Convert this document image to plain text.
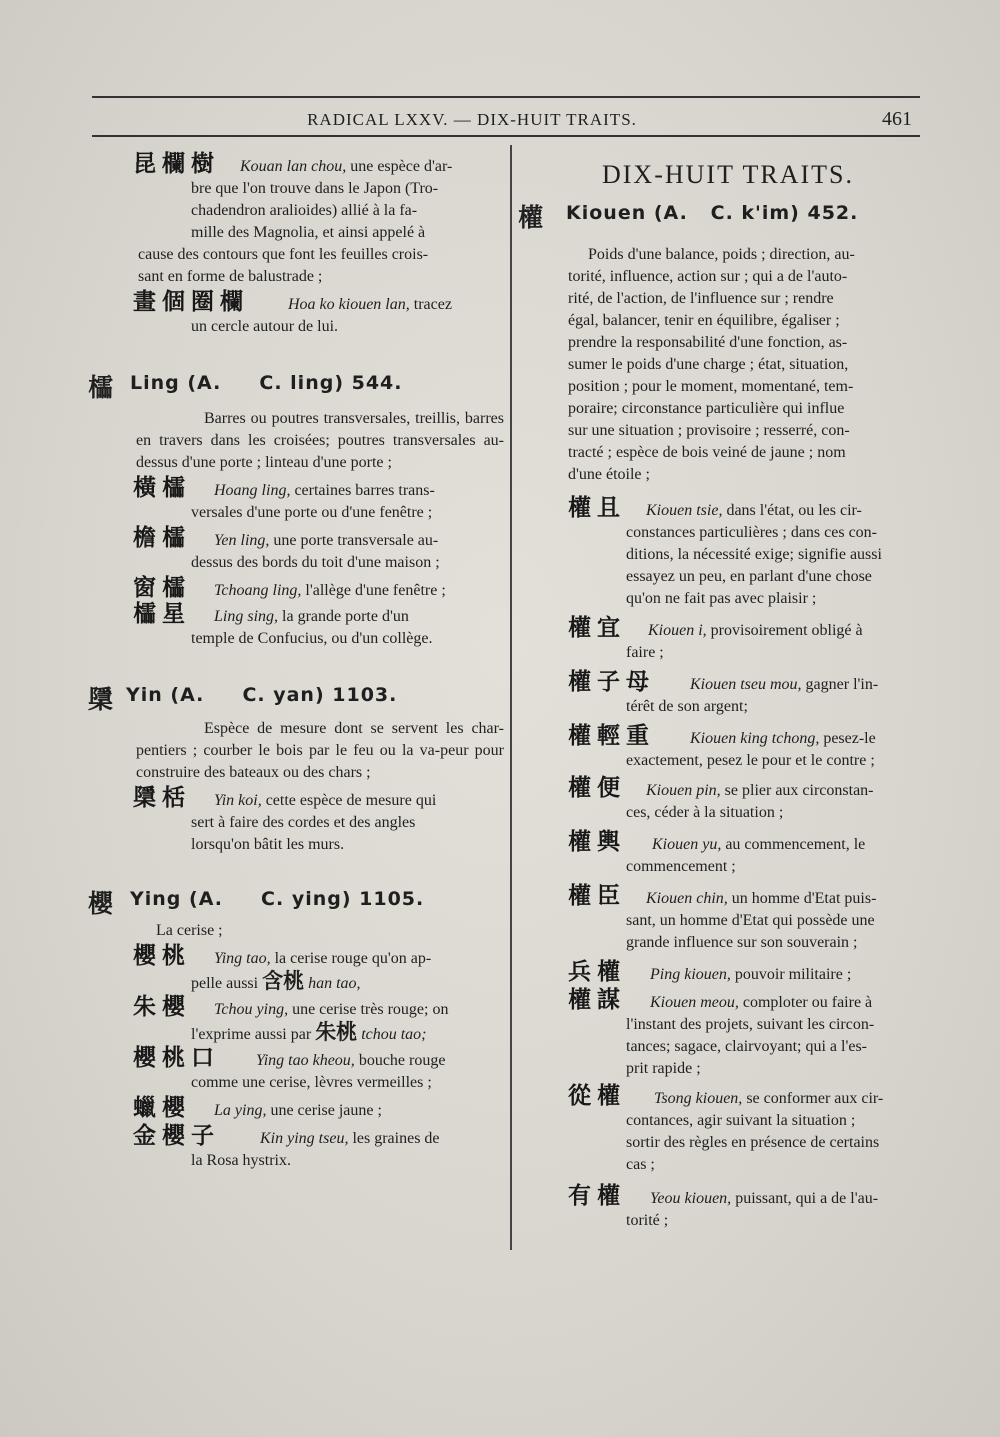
RADICAL LXXV. — DIX-HUIT TRAITS.	461
昆欄樹	Kouan lan chou, une espèce d'ar-
bre que l'on trouve dans le Japon (Tro-
chadendron aralioides) allié à la fa-
mille des Magnolia, et ainsi appelé à
cause des contours que font les feuilles crois-
sant en forme de balustrade ;
畫個圈欄	Hoa ko kiouen lan, tracez
un cercle autour de lui.
櫺 Ling (A.     C. ling) 544.

Barres ou poutres transversales, treillis, barres en travers dans les croisées; poutres transversales au-dessus d'une porte ; linteau d'une porte ;

橫櫺	Hoang ling, certaines barres trans-
versales d'une porte ou d'une fenêtre ;
檐櫺	Yen ling, une porte transversale au-
dessus des bords du toit d'une maison ;
窗櫺	Tchoang ling, l'allège d'une fenêtre ;
櫺星	Ling sing, la grande porte d'un
temple de Confucius, ou d'un collège.
檃 Yin (A.     C. yan) 1103.

Espèce de mesure dont se servent les char-pentiers ; courber le bois par le feu ou la va-peur pour construire des bateaux ou des chars ;

檃栝	Yin koi, cette espèce de mesure qui
sert à faire des cordes et des angles
lorsqu'on bâtit les murs.
櫻 Ying (A.     C. ying) 1105.

La cerise ;

櫻桃	Ying tao, la cerise rouge qu'on ap-
pelle aussi 含桃 han tao,
朱櫻	Tchou ying, une cerise très rouge; on
l'exprime aussi par 朱桃 tchou tao;
櫻桃口	Ying tao kheou, bouche rouge
comme une cerise, lèvres vermeilles ;
蠟櫻	La ying, une cerise jaune ;
金櫻子	Kin ying tseu, les graines de
la Rosa hystrix.
DIX-HUIT TRAITS.
權 Kiouen (A.   C. k'im) 452.
Poids d'une balance, poids ; direction, au-
torité, influence, action sur ; qui a de l'auto-
rité, de l'action, de l'influence sur ; rendre
égal, balancer, tenir en équilibre, égaliser ;
prendre la responsabilité d'une fonction, as-
sumer le poids d'une charge ; état, situation,
position ; pour le moment, momentané, tem-
poraire; circonstance particulière qui influe
sur une situation ; provisoire ; resserré, con-
tracté ; espèce de bois veiné de jaune ; nom
d'une étoile ;
權且	Kiouen tsie, dans l'état, ou les cir-
constances particulières ; dans ces con-
ditions, la nécessité exige; signifie aussi
essayez un peu, en parlant d'une chose
qu'on ne fait pas avec plaisir ;
權宜	Kiouen i, provisoirement obligé à
faire ;
權子母	Kiouen tseu mou, gagner l'in-
térêt de son argent;
權輕重	Kiouen king tchong, pesez-le
exactement, pesez le pour et le contre ;
權便	Kiouen pin, se plier aux circonstan-
ces, céder à la situation ;
權輿	Kiouen yu, au commencement, le
commencement ;
權臣	Kiouen chin, un homme d'Etat puis-
sant, un homme d'Etat qui possède une
grande influence sur son souverain ;
兵權	Ping kiouen, pouvoir militaire ;
權謀	Kiouen meou, comploter ou faire à
l'instant des projets, suivant les circon-
tances; sagace, clairvoyant; qui a l'es-
prit rapide ;
從權	Tsong kiouen, se conformer aux cir-
contances, agir suivant la situation ;
sortir des règles en présence de certains
cas ;
有權	Yeou kiouen, puissant, qui a de l'au-
torité ;
